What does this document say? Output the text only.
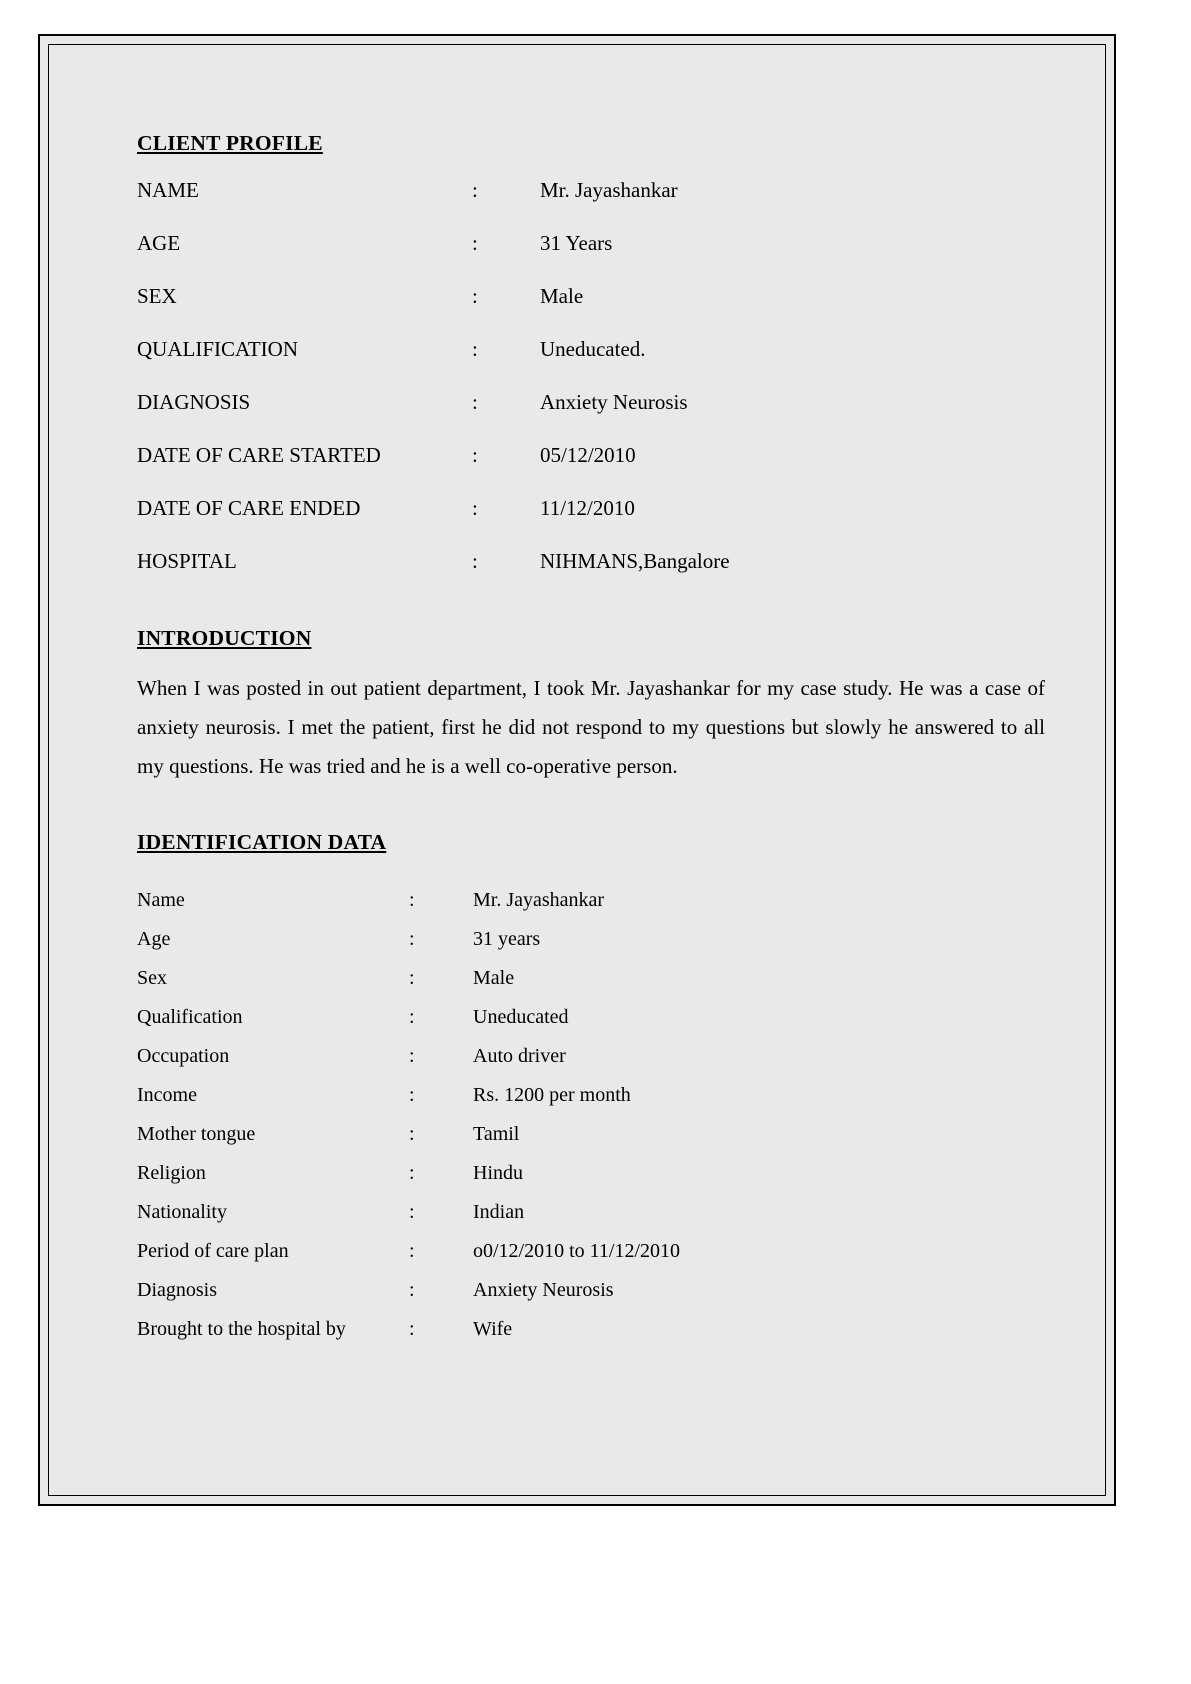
CLIENT PROFILE
NAME	:	Mr. Jayashankar
AGE	:	31 Years
SEX	:	Male
QUALIFICATION	:	Uneducated.
DIAGNOSIS	:	Anxiety Neurosis
DATE OF CARE STARTED	:	05/12/2010
DATE OF CARE ENDED	:	11/12/2010
HOSPITAL	:	NIHMANS,Bangalore
INTRODUCTION

When I was posted in out patient department, I took Mr. Jayashankar for my case study. He was a case of anxiety neurosis. I met the patient, first he did not respond to my questions but slowly he answered to all my questions. He was tried and he is a well co-operative person.

IDENTIFICATION DATA
Name	:	Mr. Jayashankar
Age	:	31 years
Sex	:	Male
Qualification	:	Uneducated
Occupation	:	Auto driver
Income	:	Rs. 1200 per month
Mother tongue	:	Tamil
Religion	:	Hindu
Nationality	:	Indian
Period of care plan	:	o0/12/2010 to 11/12/2010
Diagnosis	:	Anxiety Neurosis
Brought to the hospital by	:	Wife
